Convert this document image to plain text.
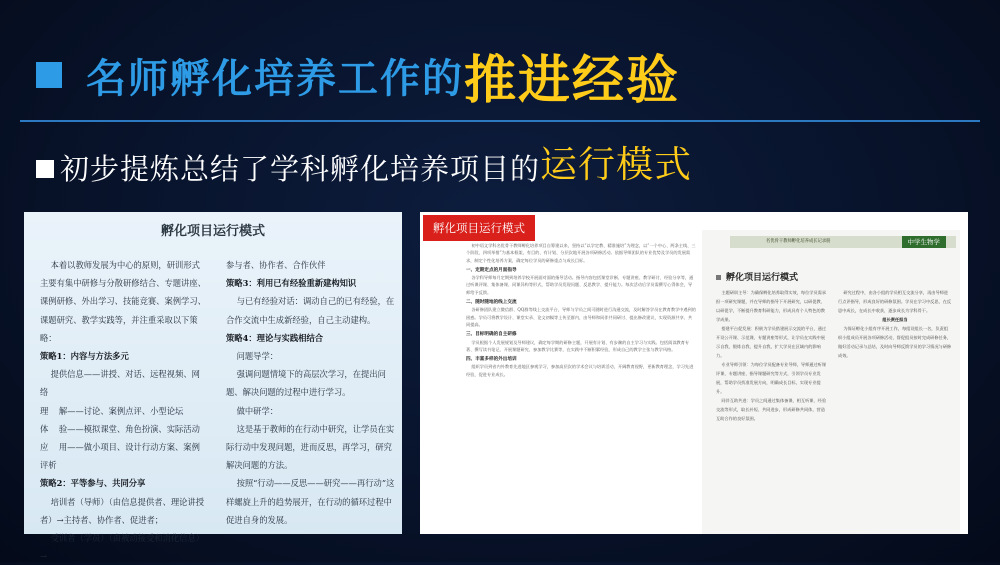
名师孵化培养工作的 推进经验
初步提炼总结了学科孵化培养项目的 运行模式
孵化项目运行模式
本着以教师发展为中心的原则，研训形式主要有集中研修与分散研修结合、专题讲座、课例研修、外出学习、技能竞赛、案例学习、课题研究、教学实践等，并注重采取以下策略：
策略1：内容与方法多元
提供信息——讲授、对话、远程视频、网络
理    解——讨论、案例点评、小型论坛
体    验——模拟课堂、角色扮演、实际活动
应    用——做小项目、设计行动方案、案例评析
策略2：平等参与、共同分享
培训者（导师）（由信息提供者、理论讲授者）→主持者、协作者、促进者；
受训者（学员）（由被动接受和消化信息）→
参与者、协作者、合作伙伴
策略3：利用已有经验重新建构知识
与已有经验对话：调动自己的已有经验，在合作交流中生成新经验，自己主动建构。
策略4：理论与实践相结合
问题导学：
强调问题情境下的高层次学习，在提出问题、解决问题的过程中进行学习。
做中研学：
这是基于教师的在行动中研究，让学员在实际行动中发现问题，进而反思，再学习，研究解决问题的方法。
按照“行动——反思——研究——再行动”这样螺旋上升的趋势展开，在行动的循环过程中促进自身的发展。
初中语文学科名优骨干教师孵化培养项目自筹建以来，坚持以“以学定教、精准施培”为理念，以“一个中心、两条主线、三个阶段、四项举措”为基本框架，有目的、有计划、分层次地开展各项研修活动。依据导师团队的专业优势及学员的发展需求，制定个性化培养方案，确定每位学员的研修重点与成长目标。
一、定期定点的月面指导
各学科导师每月定期到培养学校开展面对面的指导活动。指导内容包括课堂诊断、专题讲座、教学研讨、经验分享等，通过听课评课、集体备课、同课异构等形式，帮助学员发现问题、反思教学、提升能力。每次活动后学员需撰写心得体会，导师给予反馈。
二、随时随地的线上交流
各研修团队建立微信群、QQ群等线上交流平台，导师与学员之间可随时进行沟通交流，及时解答学员在教育教学中遇到的困惑。学员可将教学设计、课堂实录、论文初稿等上传至群内，由导师和同伴共同研讨、提出修改建议，实现资源共享、共同提高。
三、目标明确的自主研修
学员根据个人发展规划及导师建议，确定每学期的研修主题，开展有计划、有步骤的自主学习与实践。包括阅读教育专著、撰写读书笔记、开展课题研究、参加教学比赛等，在实践中不断积累经验，形成自己的教学主张与教学风格。
四、丰富多样的外出培训
组织学员到省内外教育先进地区参观学习，参加高层次的学术会议与培训活动，开阔教育视野，更新教育理念，学习先进经验，促进专业成长。
名优骨干教师孵化培养成长记录册	中学生物学
孵化项目运行模式
主题研训主导：为确保孵化培养取得实效，每位学员需承担一项研究课题，并在导师的指导下开展研究，以研促教、以研促学，不断提升教育科研能力，形成具有个人特色的教学成果。
搭建平台促发展：积极为学员搭建展示交流的平台，通过开设公开课、示范课、专题讲座等形式，让学员在实践中展示自我、锻炼自我、提升自我，扩大学员在区域内的影响力。
专业导师引领：为每位学员配备专业导师，导师通过听课评课、专题讲座、指导课题研究等方式，引领学员专业发展，帮助学员找准发展方向，明确成长目标，实现专业提升。
同伴互助共进：学员之间通过集体备课、相互听课、经验交流等形式，取长补短、共同进步，形成研修共同体，营造互助合作的良好氛围。
研究过程中，由各小组的学员相互交流分享，再由导师进行点评指导，形成良好的研修氛围。学员在学习中反思，在反思中成长，在成长中收获，逐步成长为学科骨干。
组长责任担当
为保证孵化小组有序开展工作，每组设组长一名，负责组织小组成员开展各项研修活动，督促组员按时完成研修任务，做好活动记录与总结，及时向导师反馈学员的学习情况与研修成效。
孵化项目运行模式
